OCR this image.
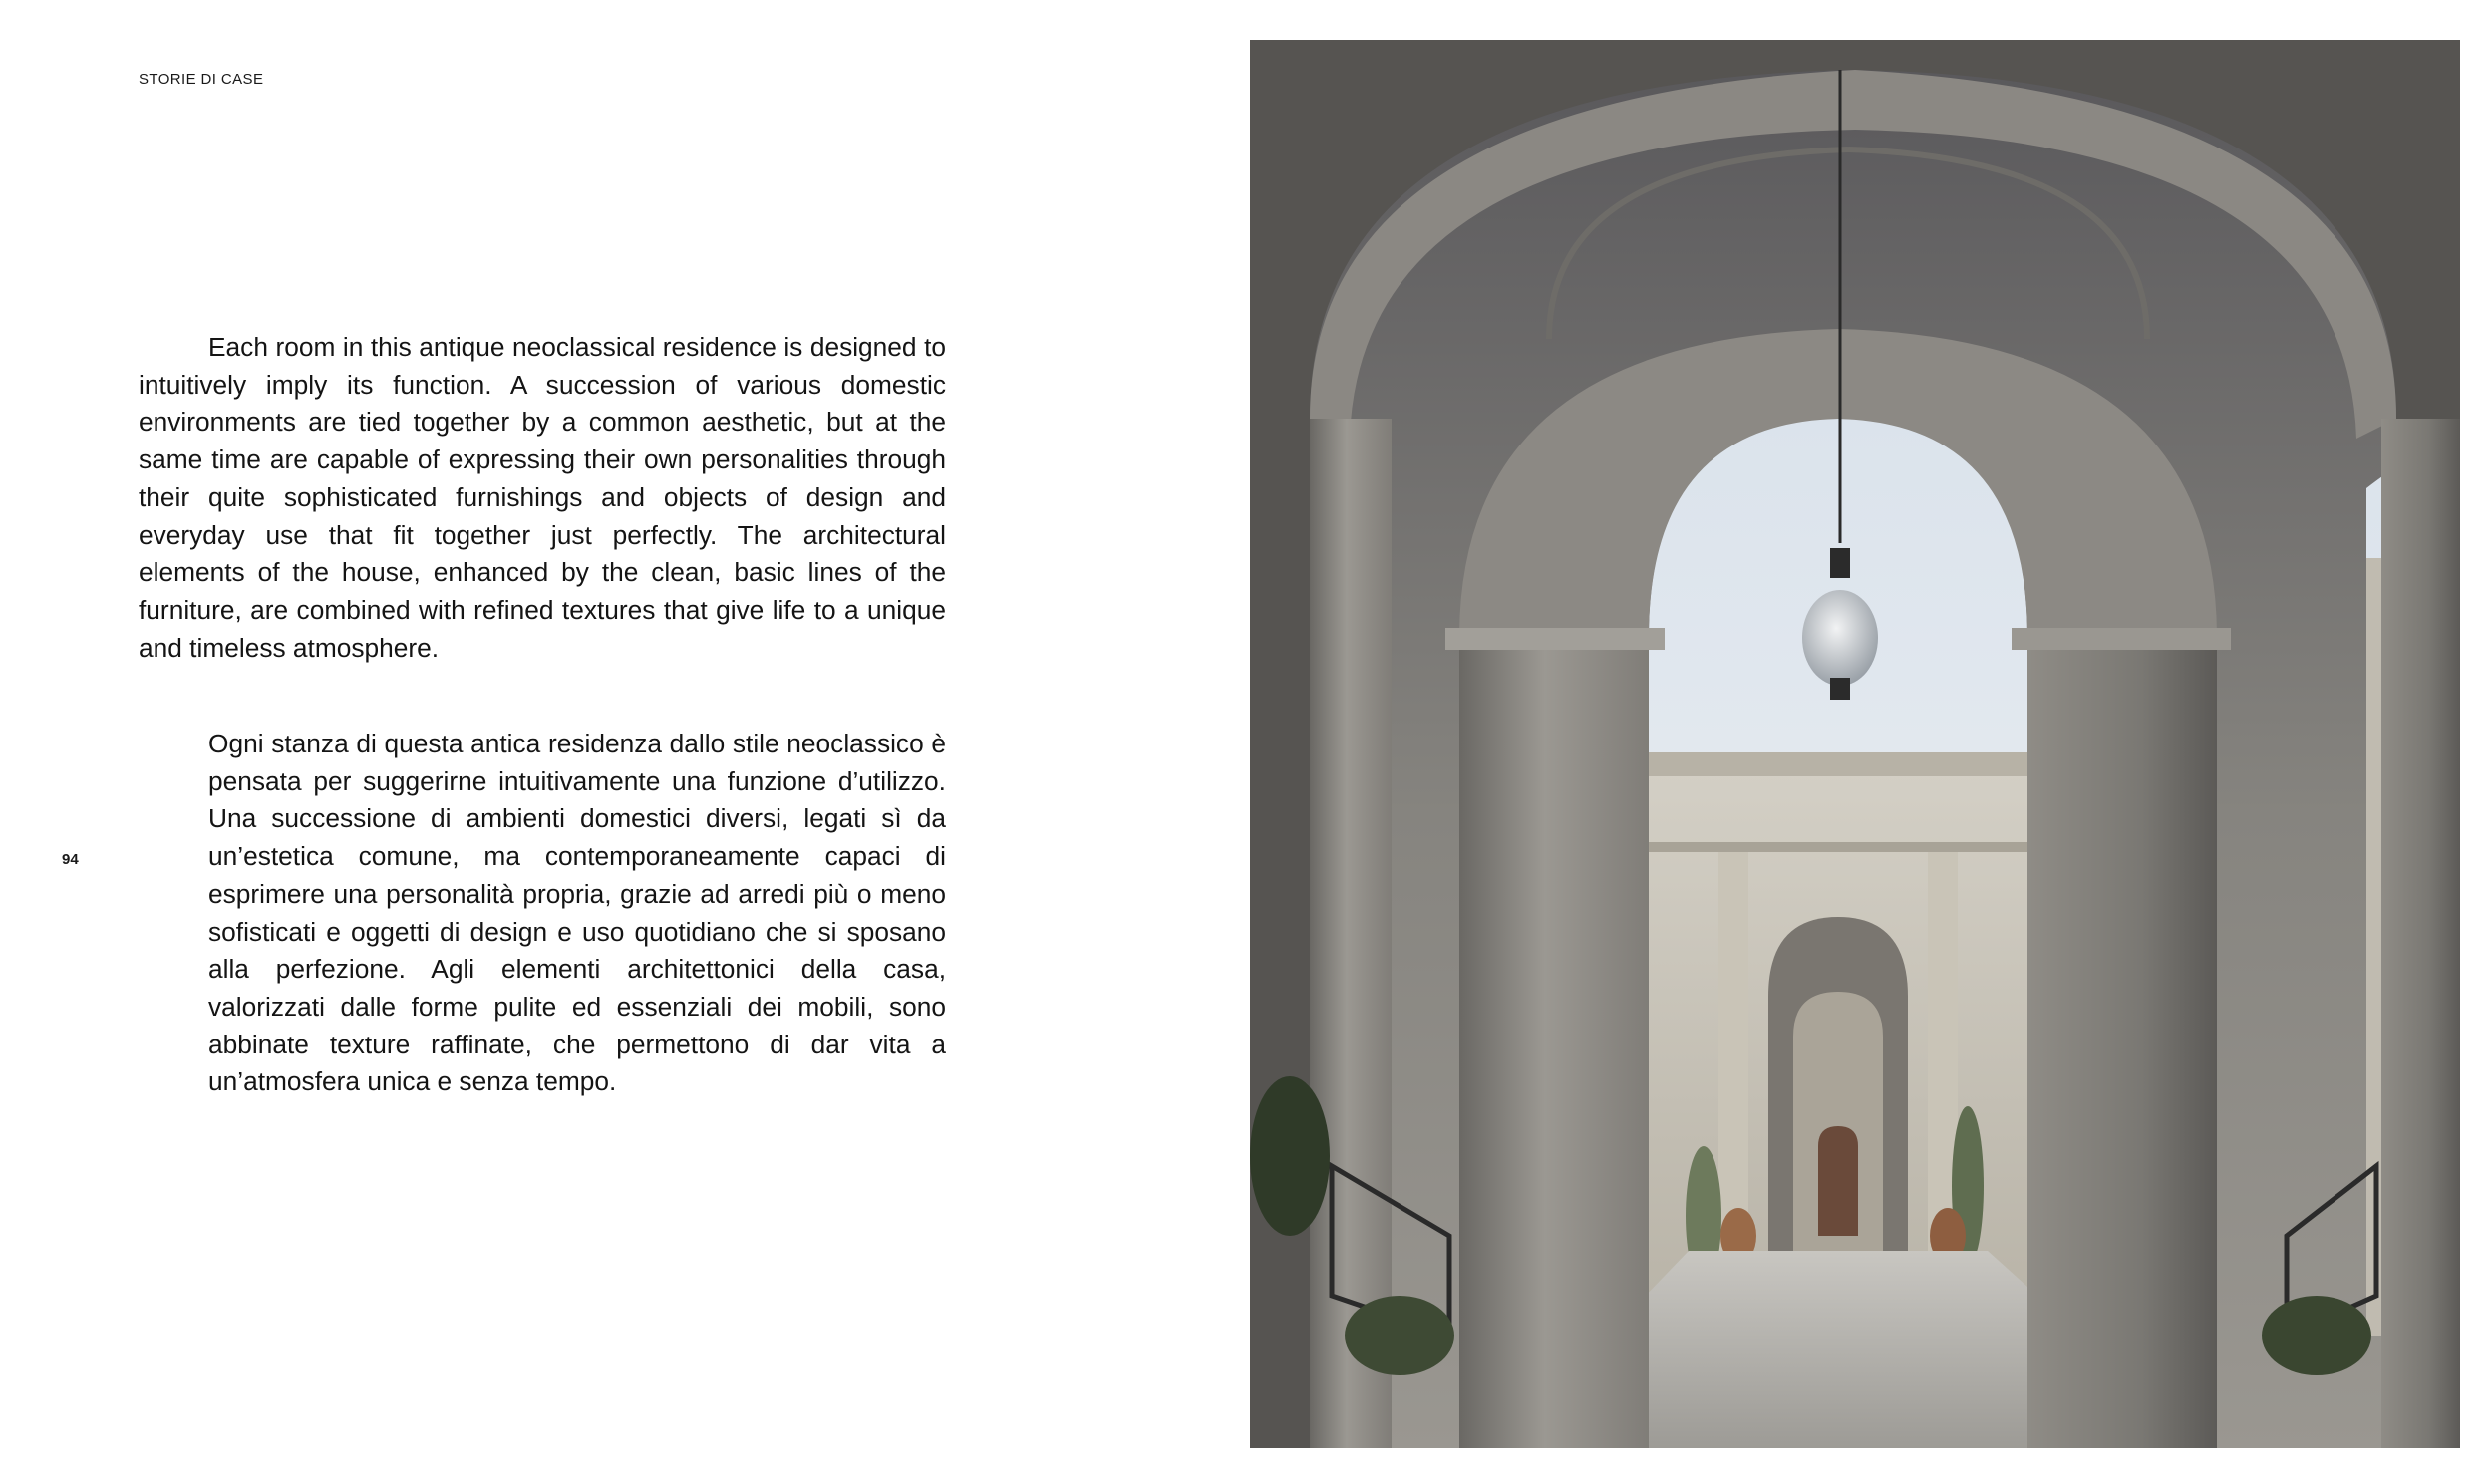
STORIE DI CASE

Each room in this antique neoclassical residence is designed to intuitively imply its function. A succession of various domestic environments are tied together by a common aesthetic, but at the same time are capable of expressing their own personalities through their quite sophisticated furnishings and objects of design and everyday use that fit together just perfectly. The architectural elements of the house, enhanced by the clean, basic lines of the furniture, are combined with refined textures that give life to a unique and timeless atmosphere.

Ogni stanza di questa antica residenza dallo stile neoclassico è pensata per suggerirne intuitivamente una funzione d’utilizzo. Una successione di ambienti domestici diversi, legati sì da un’estetica comune, ma contemporaneamente capaci di esprimere una personalità propria, grazie ad arredi più o meno sofisticati e oggetti di design e uso quotidiano che si sposano alla perfezione. Agli elementi architettonici della casa, valorizzati dalle forme pulite ed essenziali dei mobili, sono abbinate texture raffinate, che permettono di dar vita a un’atmosfera unica e senza tempo.

94
